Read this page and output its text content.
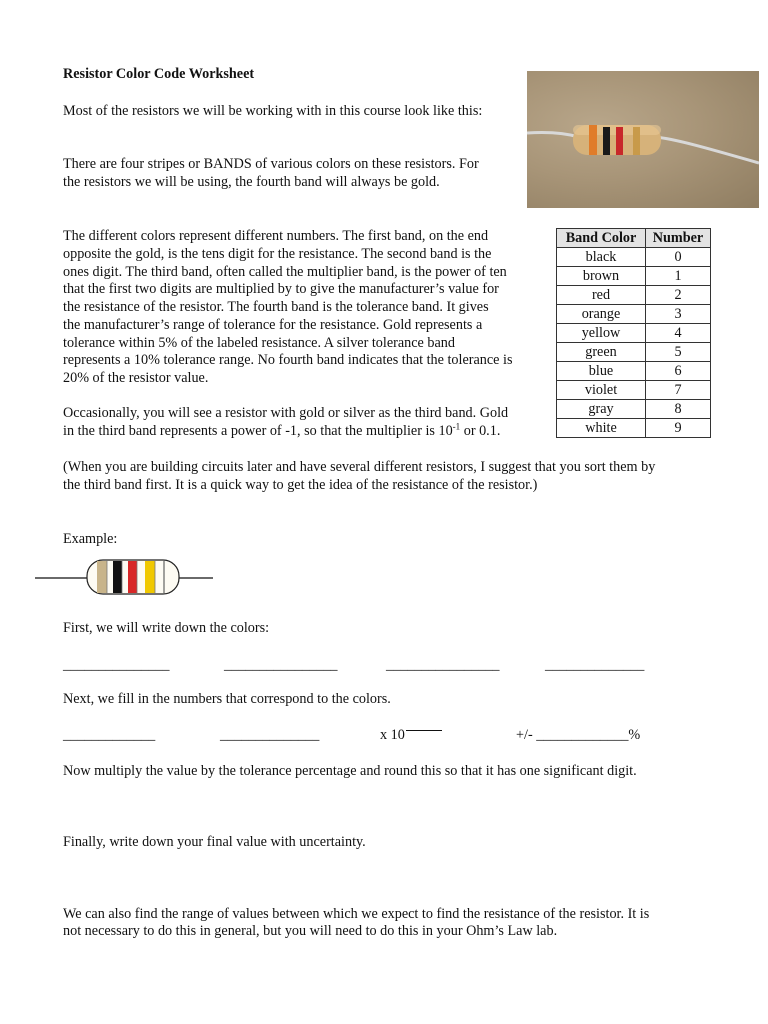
Resistor Color Code Worksheet
Most of the resistors we will be working with in this course look like this:
There are four stripes or BANDS of various colors on these resistors. For
the resistors we will be using, the fourth band will always be gold.
The different colors represent different numbers. The first band, on the end
opposite the gold, is the tens digit for the resistance. The second band is the
ones digit. The third band, often called the multiplier band, is the power of ten
that the first two digits are multiplied by to give the manufacturer’s value for
the resistance of the resistor. The fourth band is the tolerance band. It gives
the manufacturer’s range of tolerance for the resistance. Gold represents a
tolerance within 5% of the labeled resistance. A silver tolerance band
represents a 10% tolerance range. No fourth band indicates that the tolerance is
20% of the resistor value.
Band Color	Number
black	0
brown	1
red	2
orange	3
yellow	4
green	5
blue	6
violet	7
gray	8
white	9
Occasionally, you will see a resistor with gold or silver as the third band. Gold
in the third band represents a power of -1, so that the multiplier is $10^{-1}$ or 0.1.
(When you are building circuits later and have several different resistors, I suggest that you sort them by
the third band first. It is a quick way to get the idea of the resistance of the resistor.)
Example:
First, we will write down the colors:
_______________	________________	________________	______________
Next, we fill in the numbers that correspond to the colors.
_____________	______________	x 10	+/- _____________%
Now multiply the value by the tolerance percentage and round this so that it has one significant digit.
Finally, write down your final value with uncertainty.
We can also find the range of values between which we expect to find the resistance of the resistor. It is
not necessary to do this in general, but you will need to do this in your Ohm’s Law lab.
